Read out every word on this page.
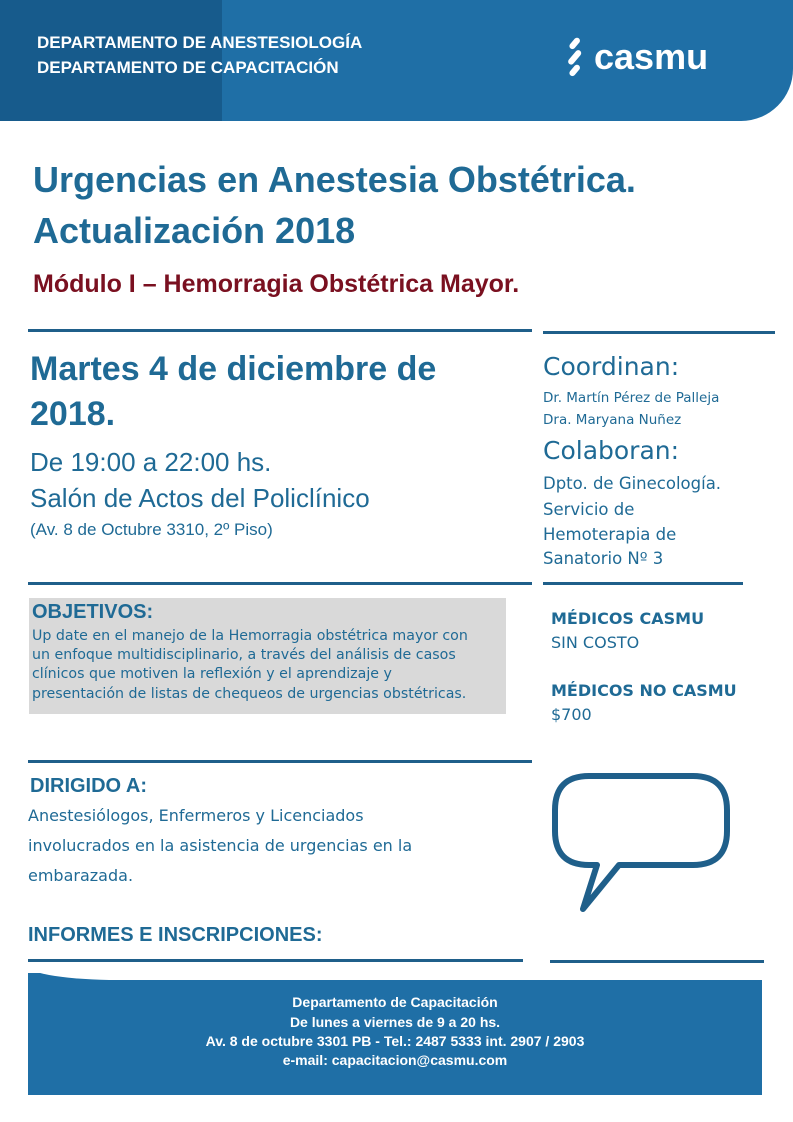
DEPARTAMENTO DE ANESTESIOLOGÍA
DEPARTAMENTO DE CAPACITACIÓN	casmu
Urgencias en Anestesia Obstétrica.
Actualización 2018
Módulo I – Hemorragia Obstétrica Mayor.
Martes 4 de diciembre de
2018.
De 19:00 a 22:00 hs.
Salón de Actos del Policlínico
(Av. 8 de Octubre 3310, 2º Piso)
Coordinan:
Dr. Martín Pérez de Palleja
Dra. Maryana Nuñez
Colaboran:
Dpto. de Ginecología.
Servicio de
Hemoterapia de
Sanatorio Nº 3
OBJETIVOS:
Up date en el manejo de la Hemorragia obstétrica mayor con
un enfoque multidisciplinario, a través del análisis de casos
clínicos que motiven la reflexión y el aprendizaje y
presentación de listas de chequeos de urgencias obstétricas.
MÉDICOS CASMU
SIN COSTO
MÉDICOS NO CASMU
$700
DIRIGIDO A:
Anestesiólogos, Enfermeros y Licenciados
involucrados en la asistencia de urgencias en la
embarazada.
INFORMES E INSCRIPCIONES:
Departamento de Capacitación
De lunes a viernes de 9 a 20 hs.
Av. 8 de octubre 3301 PB - Tel.: 2487 5333 int. 2907 / 2903
e-mail: capacitacion@casmu.com
